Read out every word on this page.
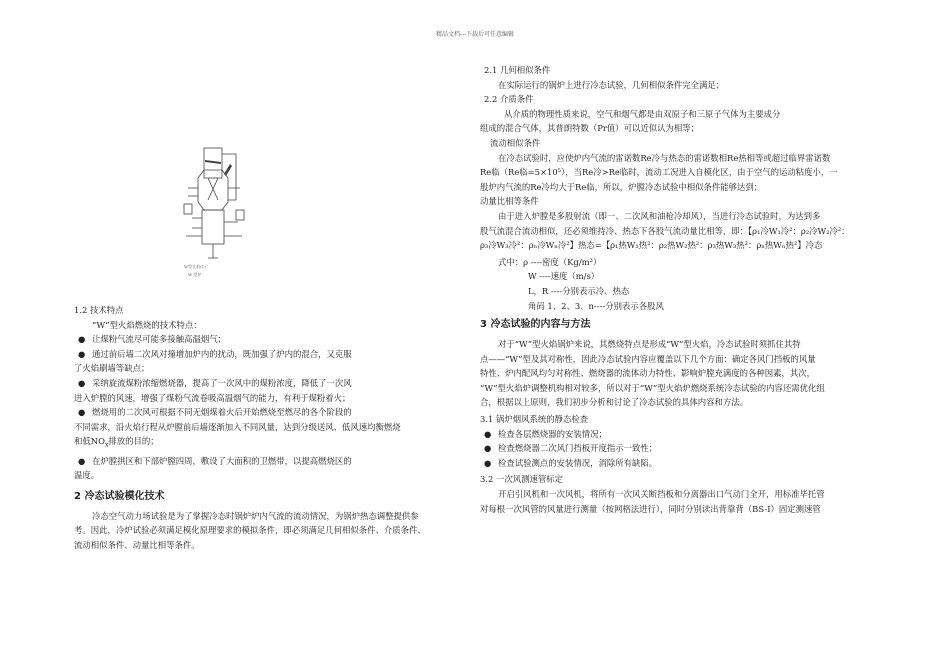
精品文档---下载后可任意编辑
W型火焰(1)
W 型炉
1.2 技术特点
“W”型火焰燃烧的技术特点：
● 让煤粉气流尽可能多接触高温烟气；
● 通过前后墙二次风对撞增加炉内的扰动，既加强了炉内的混合，又克服
了火焰刷墙等缺点；
● 采纳旋流煤粉浓缩燃烧器，提高了一次风中的煤粉浓度，降低了一次风
进入炉膛的风速，增强了煤粉气流卷吸高温烟气的能力，有利于煤粉着火；
● 燃烧用的二次风可根据不同无烟煤着火后开始燃烧至燃尽的各个阶段的
不同需求，沿火焰行程从炉膛前后墙逐渐加入不同风量，达到分级送风、低风速均衡燃烧
和低$NO_x$排放的目的；
● 在炉膛拱区和下部炉膛四周，敷设了大面积的卫燃带，以提高燃烧区的
温度。
2 冷态试验模化技术
冷态空气动力场试验是为了掌握冷态时锅炉炉内气流的流动情况，为锅炉热态调整提供参
考。因此，冷炉试验必须满足模化原理要求的模拟条件，即必须满足几何相似条件、介质条件、
流动相似条件、动量比相等条件。
2.1 几何相似条件
在实际运行的锅炉上进行冷态试验，几何相似条件完全满足；
2.2 介质条件
从介质的物理性质来说，空气和烟气都是由双原子和三原子气体为主要成分
组成的混合气体，其普朗特数（Pr值）可以近似认为相等；
流动相似条件
在冷态试验时，应使炉内气流的雷诺数Re冷与热态的雷诺数相Re热相等或超过临界雷诺数
Re临（Re临=5×10⁵），当Re冷>Re临时，流动工况进入自模化区，由于空气的运动粘度小，一
般炉内气流的Re冷均大于Re临，所以，炉膛冷态试验中相似条件能够达到；
动量比相等条件
由于进入炉膛是多股射流（即一、二次风和油枪冷却风），当进行冷态试验时，为达到多
股气流混合流动相似，还必须维持冷、热态下各股气流动量比相等，即：【ρ₁冷W₁冷²：ρ₂冷W₂冷²：
ρ₃冷W₃冷²：ρₙ冷Wₙ冷²】热态=【ρ₁热W₁热²：ρ₂热W₂热²：ρ₃热W₃热²：ρₙ热Wₙ热²】冷态
式中：ρ ----密度（Kg/m³）
W ----速度（m/s）
L，R ----分别表示冷、热态
角码 1、2、3、n----分别表示各股风
3 冷态试验的内容与方法
对于“W”型火焰锅炉来说，其燃烧特点是形成“W”型火焰，冷态试验时须抓住其特
点——“W”型及其对称性，因此冷态试验内容应覆盖以下几个方面：确定各风门挡板的风量
特性、炉内配风均匀对称性、燃烧器的流体动力特性、影响炉膛充满度的各种因素，其次，
“W”型火焰炉调整机构相对较多，所以对于“W”型火焰炉燃烧系统冷态试验的内容还需优化组
合，根据以上原则，我们初步分析和讨论了冷态试验的具体内容和方法。
3.1 锅炉烟风系统的静态检查
● 检查各层燃烧器的安装情况；
● 检查燃烧器二次风门挡板开度指示一致性；
● 检查试验测点的安装情况，消除所有缺陷。
3.2 一次风测速管标定
开启引风机和一次风机，将所有一次风关断挡板和分离器出口气动门全开，用标准毕托管
对每根一次风管的风量进行测量（按网格法进行），同时分别读出背靠背（BS-I）固定测速管
